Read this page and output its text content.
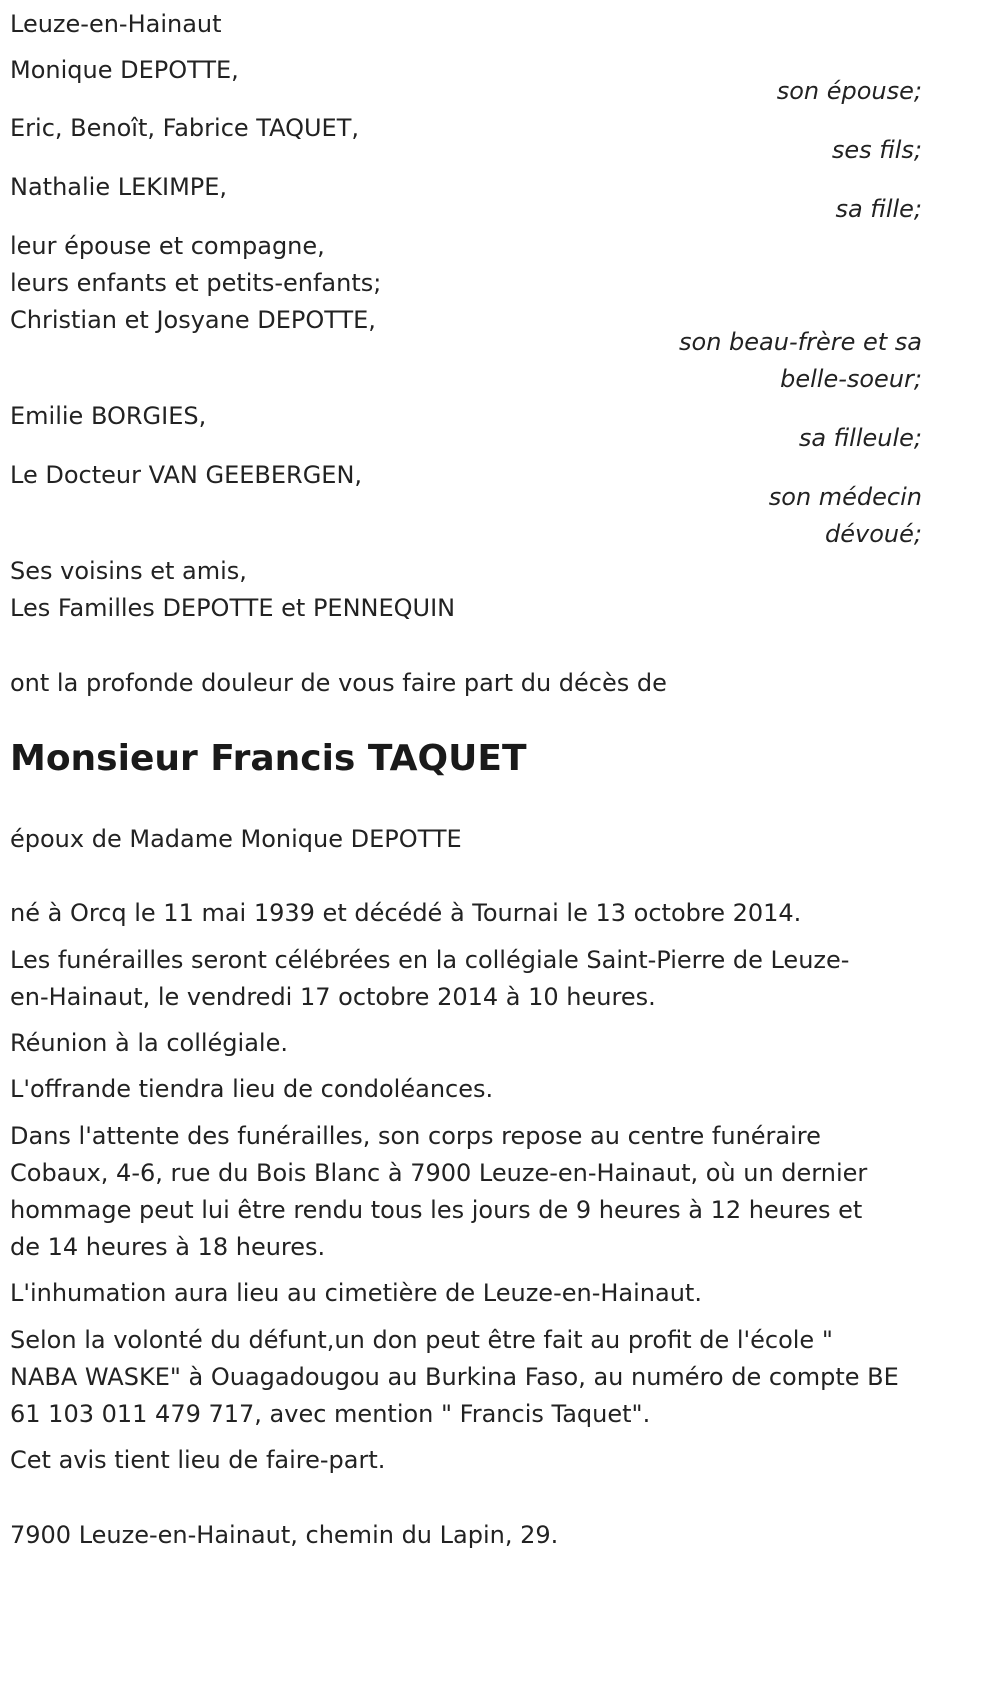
Leuze-en-Hainaut
Monique DEPOTTE,
son épouse;
Eric, Benoît, Fabrice TAQUET,
ses fils;
Nathalie LEKIMPE,
sa fille;
leur épouse et compagne,
leurs enfants et petits-enfants;
Christian et Josyane DEPOTTE,
son beau-frère et sa
belle-soeur;
Emilie BORGIES,
sa filleule;
Le Docteur VAN GEEBERGEN,
son médecin
dévoué;
Ses voisins et amis,
Les Familles DEPOTTE et PENNEQUIN
ont la profonde douleur de vous faire part du décès de
Monsieur Francis TAQUET
époux de Madame Monique DEPOTTE
né à Orcq le 11 mai 1939 et décédé à Tournai le 13 octobre 2014.
Les funérailles seront célébrées en la collégiale Saint-Pierre de Leuze-
en-Hainaut, le vendredi 17 octobre 2014 à 10 heures.
Réunion à la collégiale.
L'offrande tiendra lieu de condoléances.
Dans l'attente des funérailles, son corps repose au centre funéraire
Cobaux, 4-6, rue du Bois Blanc à 7900 Leuze-en-Hainaut, où un dernier
hommage peut lui être rendu tous les jours de 9 heures à 12 heures et
de 14 heures à 18 heures.
L'inhumation aura lieu au cimetière de Leuze-en-Hainaut.
Selon la volonté du défunt,un don peut être fait au profit de l'école "
NABA WASKE" à Ouagadougou au Burkina Faso, au numéro de compte BE
61 103 011 479 717, avec mention " Francis Taquet".
Cet avis tient lieu de faire-part.
7900 Leuze-en-Hainaut, chemin du Lapin, 29.
